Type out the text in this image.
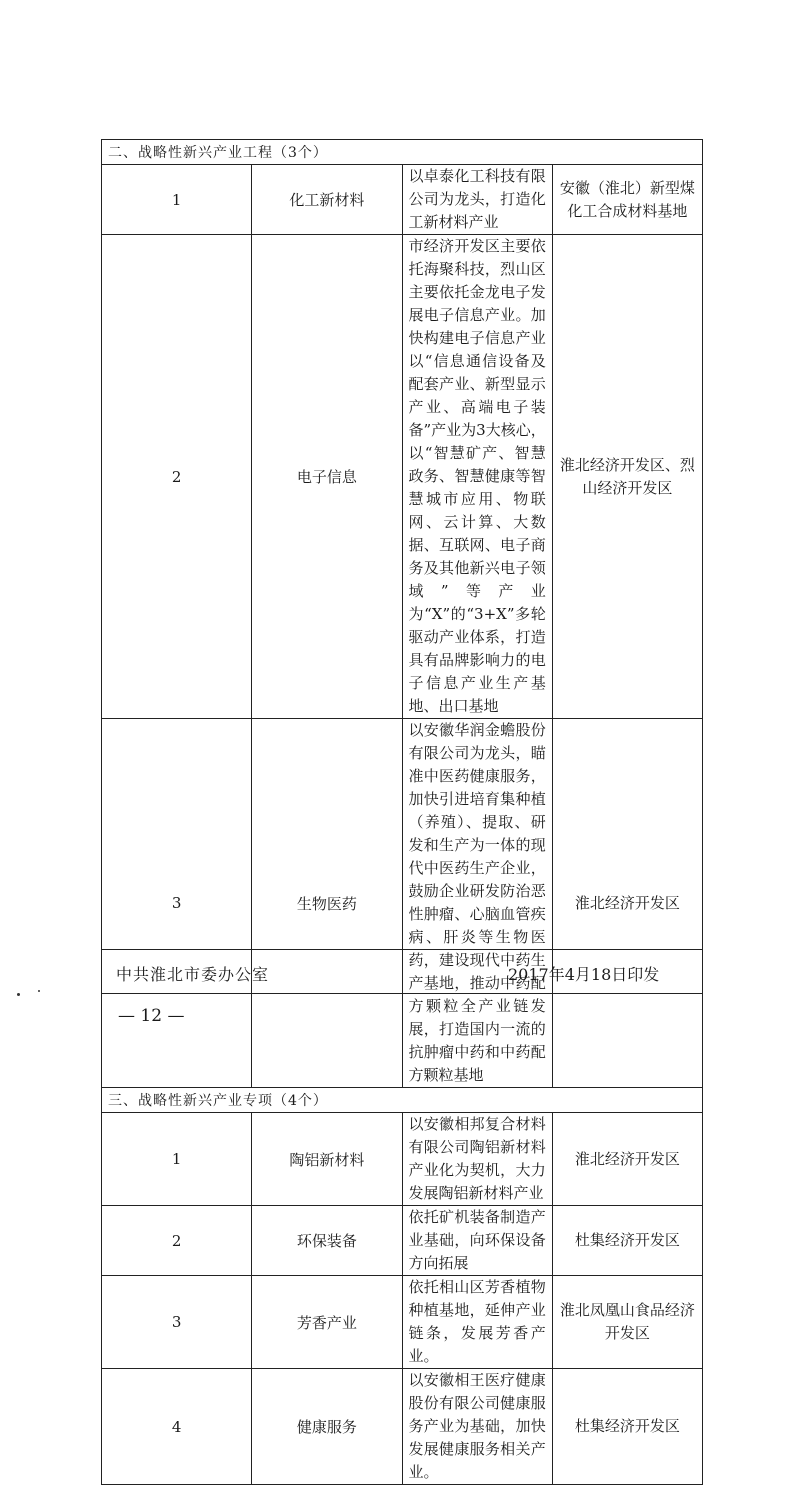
二、战略性新兴产业工程（3个）			
1	化工新材料	以卓泰化工科技有限公司为龙头，打造化工新材料产业	安徽（淮北）新型煤化工合成材料基地
2	电子信息	市经济开发区主要依托海聚科技，烈山区主要依托金龙电子发展电子信息产业。加快构建电子信息产业以“信息通信设备及配套产业、新型显示产业、高端电子装备”产业为3大核心，以“智慧矿产、智慧政务、智慧健康等智慧城市应用、物联网、云计算、大数据、互联网、电子商务及其他新兴电子领域”等产业为“X”的“3+X”多轮驱动产业体系，打造具有品牌影响力的电子信息产业生产基地、出口基地	淮北经济开发区、烈山经济开发区
3	生物医药	以安徽华润金蟾股份有限公司为龙头，瞄准中医药健康服务，加快引进培育集种植（养殖）、提取、研发和生产为一体的现代中医药生产企业，鼓励企业研发防治恶性肿瘤、心脑血管疾病、肝炎等生物医药，建设现代中药生产基地，推动中药配方颗粒全产业链发展，打造国内一流的抗肿瘤中药和中药配方颗粒基地	淮北经济开发区
三、战略性新兴产业专项（4个）			
1	陶铝新材料	以安徽相邦复合材料有限公司陶铝新材料产业化为契机，大力发展陶铝新材料产业	淮北经济开发区
2	环保装备	依托矿机装备制造产业基础，向环保设备方向拓展	杜集经济开发区
3	芳香产业	依托相山区芳香植物种植基地，延伸产业链条，发展芳香产业。	淮北凤凰山食品经济开发区
4	健康服务	以安徽相王医疗健康股份有限公司健康服务产业为基础，加快发展健康服务相关产业。	杜集经济开发区
中共淮北市委办公室	2017年4月18日印发
— 12 —
